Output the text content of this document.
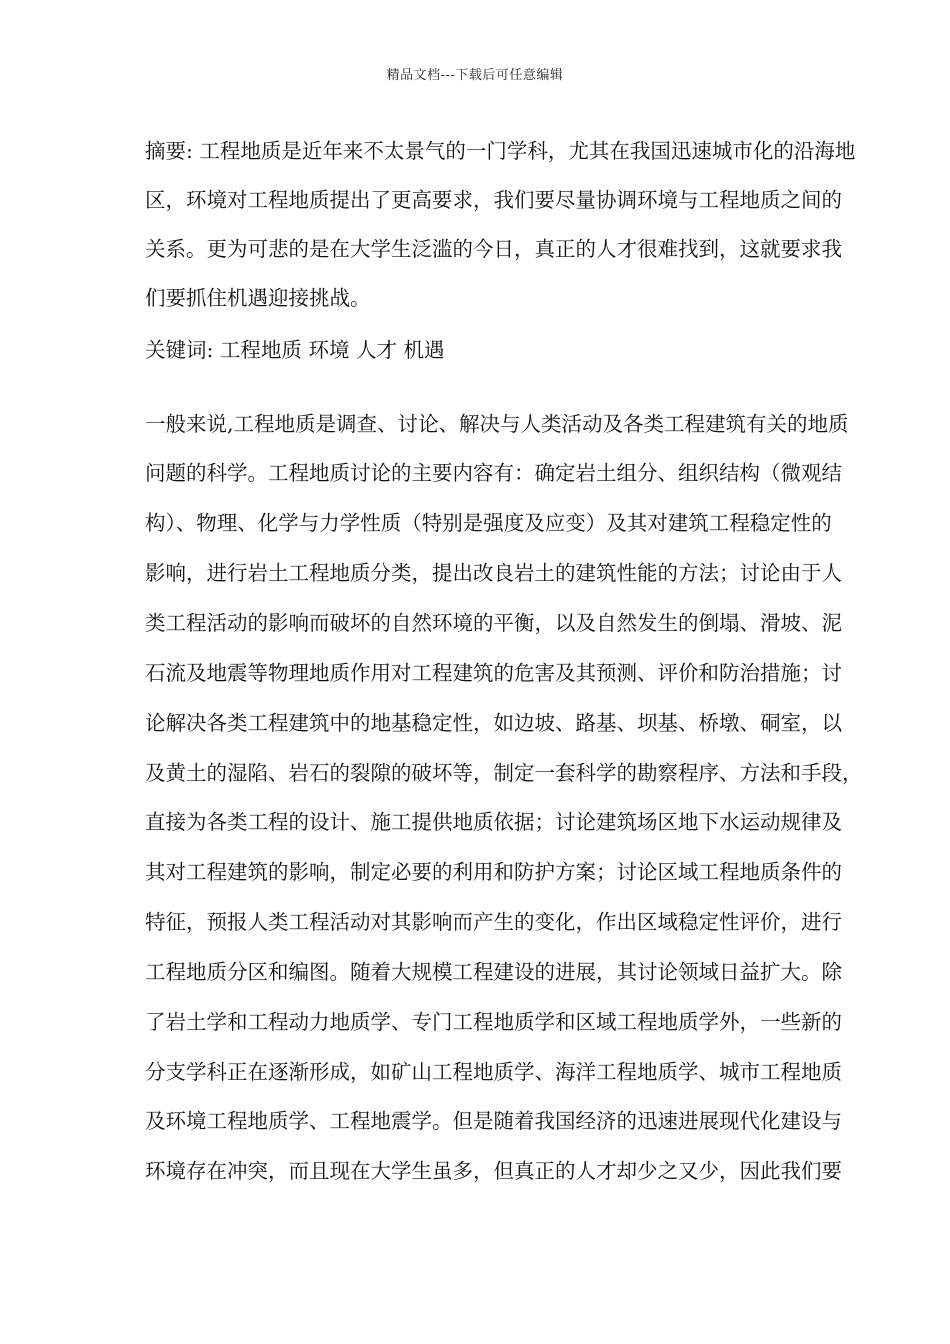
精品文档---下载后可任意编辑
摘要: 工程地质是近年来不太景气的一门学科，尤其在我国迅速城市化的沿海地
区，环境对工程地质提出了更高要求，我们要尽量协调环境与工程地质之间的
关系。更为可悲的是在大学生泛滥的今日，真正的人才很难找到，这就要求我
们要抓住机遇迎接挑战。
关键词: 工程地质 环境 人才 机遇
一般来说,工程地质是调查、讨论、解决与人类活动及各类工程建筑有关的地质
问题的科学。工程地质讨论的主要内容有：确定岩土组分、组织结构（微观结
构）、物理、化学与力学性质（特别是强度及应变）及其对建筑工程稳定性的
影响，进行岩土工程地质分类，提出改良岩土的建筑性能的方法；讨论由于人
类工程活动的影响而破坏的自然环境的平衡，以及自然发生的倒塌、滑坡、泥
石流及地震等物理地质作用对工程建筑的危害及其预测、评价和防治措施；讨
论解决各类工程建筑中的地基稳定性，如边坡、路基、坝基、桥墩、硐室，以
及黄土的湿陷、岩石的裂隙的破坏等，制定一套科学的勘察程序、方法和手段，
直接为各类工程的设计、施工提供地质依据；讨论建筑场区地下水运动规律及
其对工程建筑的影响，制定必要的利用和防护方案；讨论区域工程地质条件的
特征，预报人类工程活动对其影响而产生的变化，作出区域稳定性评价，进行
工程地质分区和编图。随着大规模工程建设的进展，其讨论领域日益扩大。除
了岩土学和工程动力地质学、专门工程地质学和区域工程地质学外，一些新的
分支学科正在逐渐形成，如矿山工程地质学、海洋工程地质学、城市工程地质
及环境工程地质学、工程地震学。但是随着我国经济的迅速进展现代化建设与
环境存在冲突，而且现在大学生虽多，但真正的人才却少之又少，因此我们要
